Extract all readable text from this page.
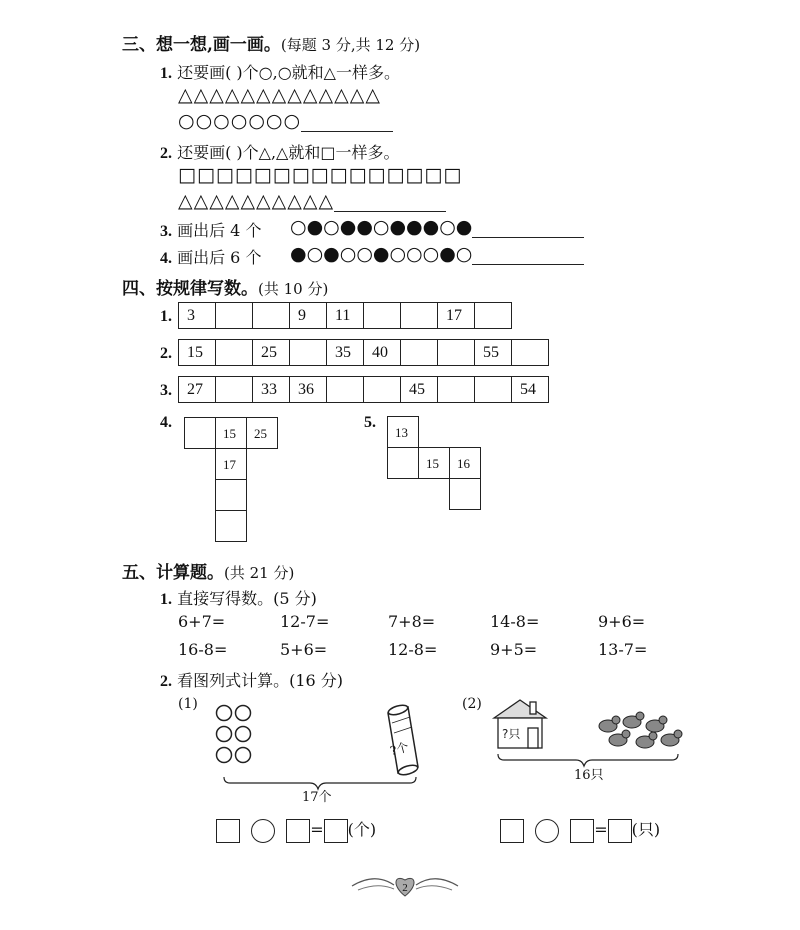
三、想一想,画一画。(每题 3 分,共 12 分)
1. 还要画( )个○,○就和△一样多。
△△△△△△△△△△△△△
○○○○○○○
2. 还要画( )个△,△就和□一样多。
□□□□□□□□□□□□□□□
△△△△△△△△△△
3. 画出后 4 个 ○●○●●○●●●○●
4. 画出后 6 个 ●○●○○●○○○●○
四、按规律写数。(共 10 分)
1. 3			9	11			17	
2. 15		25		35	40			55	
3. 27		33	36			45			54
4.
15	25
17
5.
13
15	16
五、计算题。(共 21 分)
1. 直接写得数。(5 分)
6+7=	12-7=	7+8=	14-8=	9+6=
16-8=	5+6=	12-8=	9+5=	13-7=
2. 看图列式计算。(16 分)
(1)
?个
17个
= (个)
(2)
?只
16只
= (只)
2
